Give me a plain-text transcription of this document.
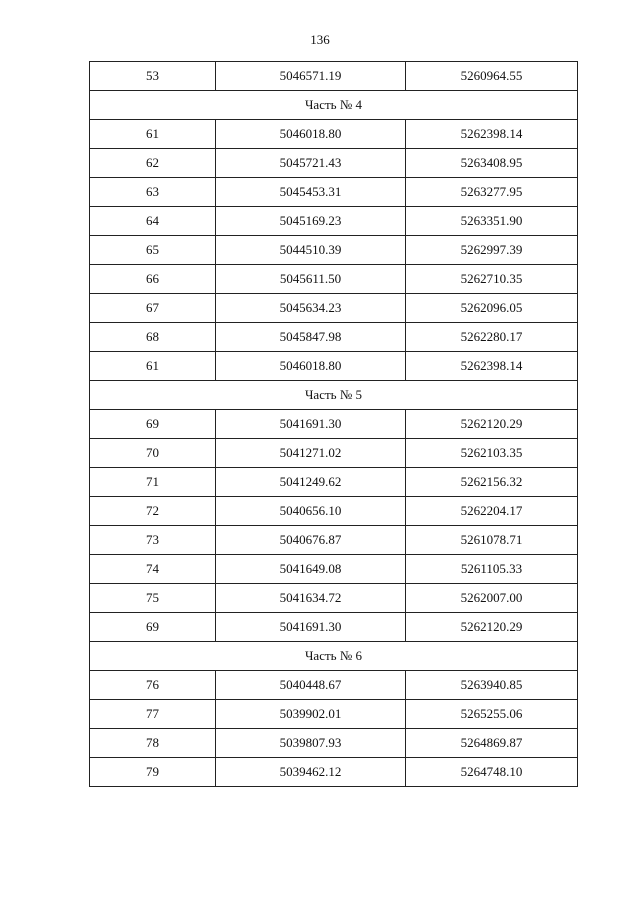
136
53	5046571.19	5260964.55
Часть № 4		
61	5046018.80	5262398.14
62	5045721.43	5263408.95
63	5045453.31	5263277.95
64	5045169.23	5263351.90
65	5044510.39	5262997.39
66	5045611.50	5262710.35
67	5045634.23	5262096.05
68	5045847.98	5262280.17
61	5046018.80	5262398.14
Часть № 5		
69	5041691.30	5262120.29
70	5041271.02	5262103.35
71	5041249.62	5262156.32
72	5040656.10	5262204.17
73	5040676.87	5261078.71
74	5041649.08	5261105.33
75	5041634.72	5262007.00
69	5041691.30	5262120.29
Часть № 6		
76	5040448.67	5263940.85
77	5039902.01	5265255.06
78	5039807.93	5264869.87
79	5039462.12	5264748.10
